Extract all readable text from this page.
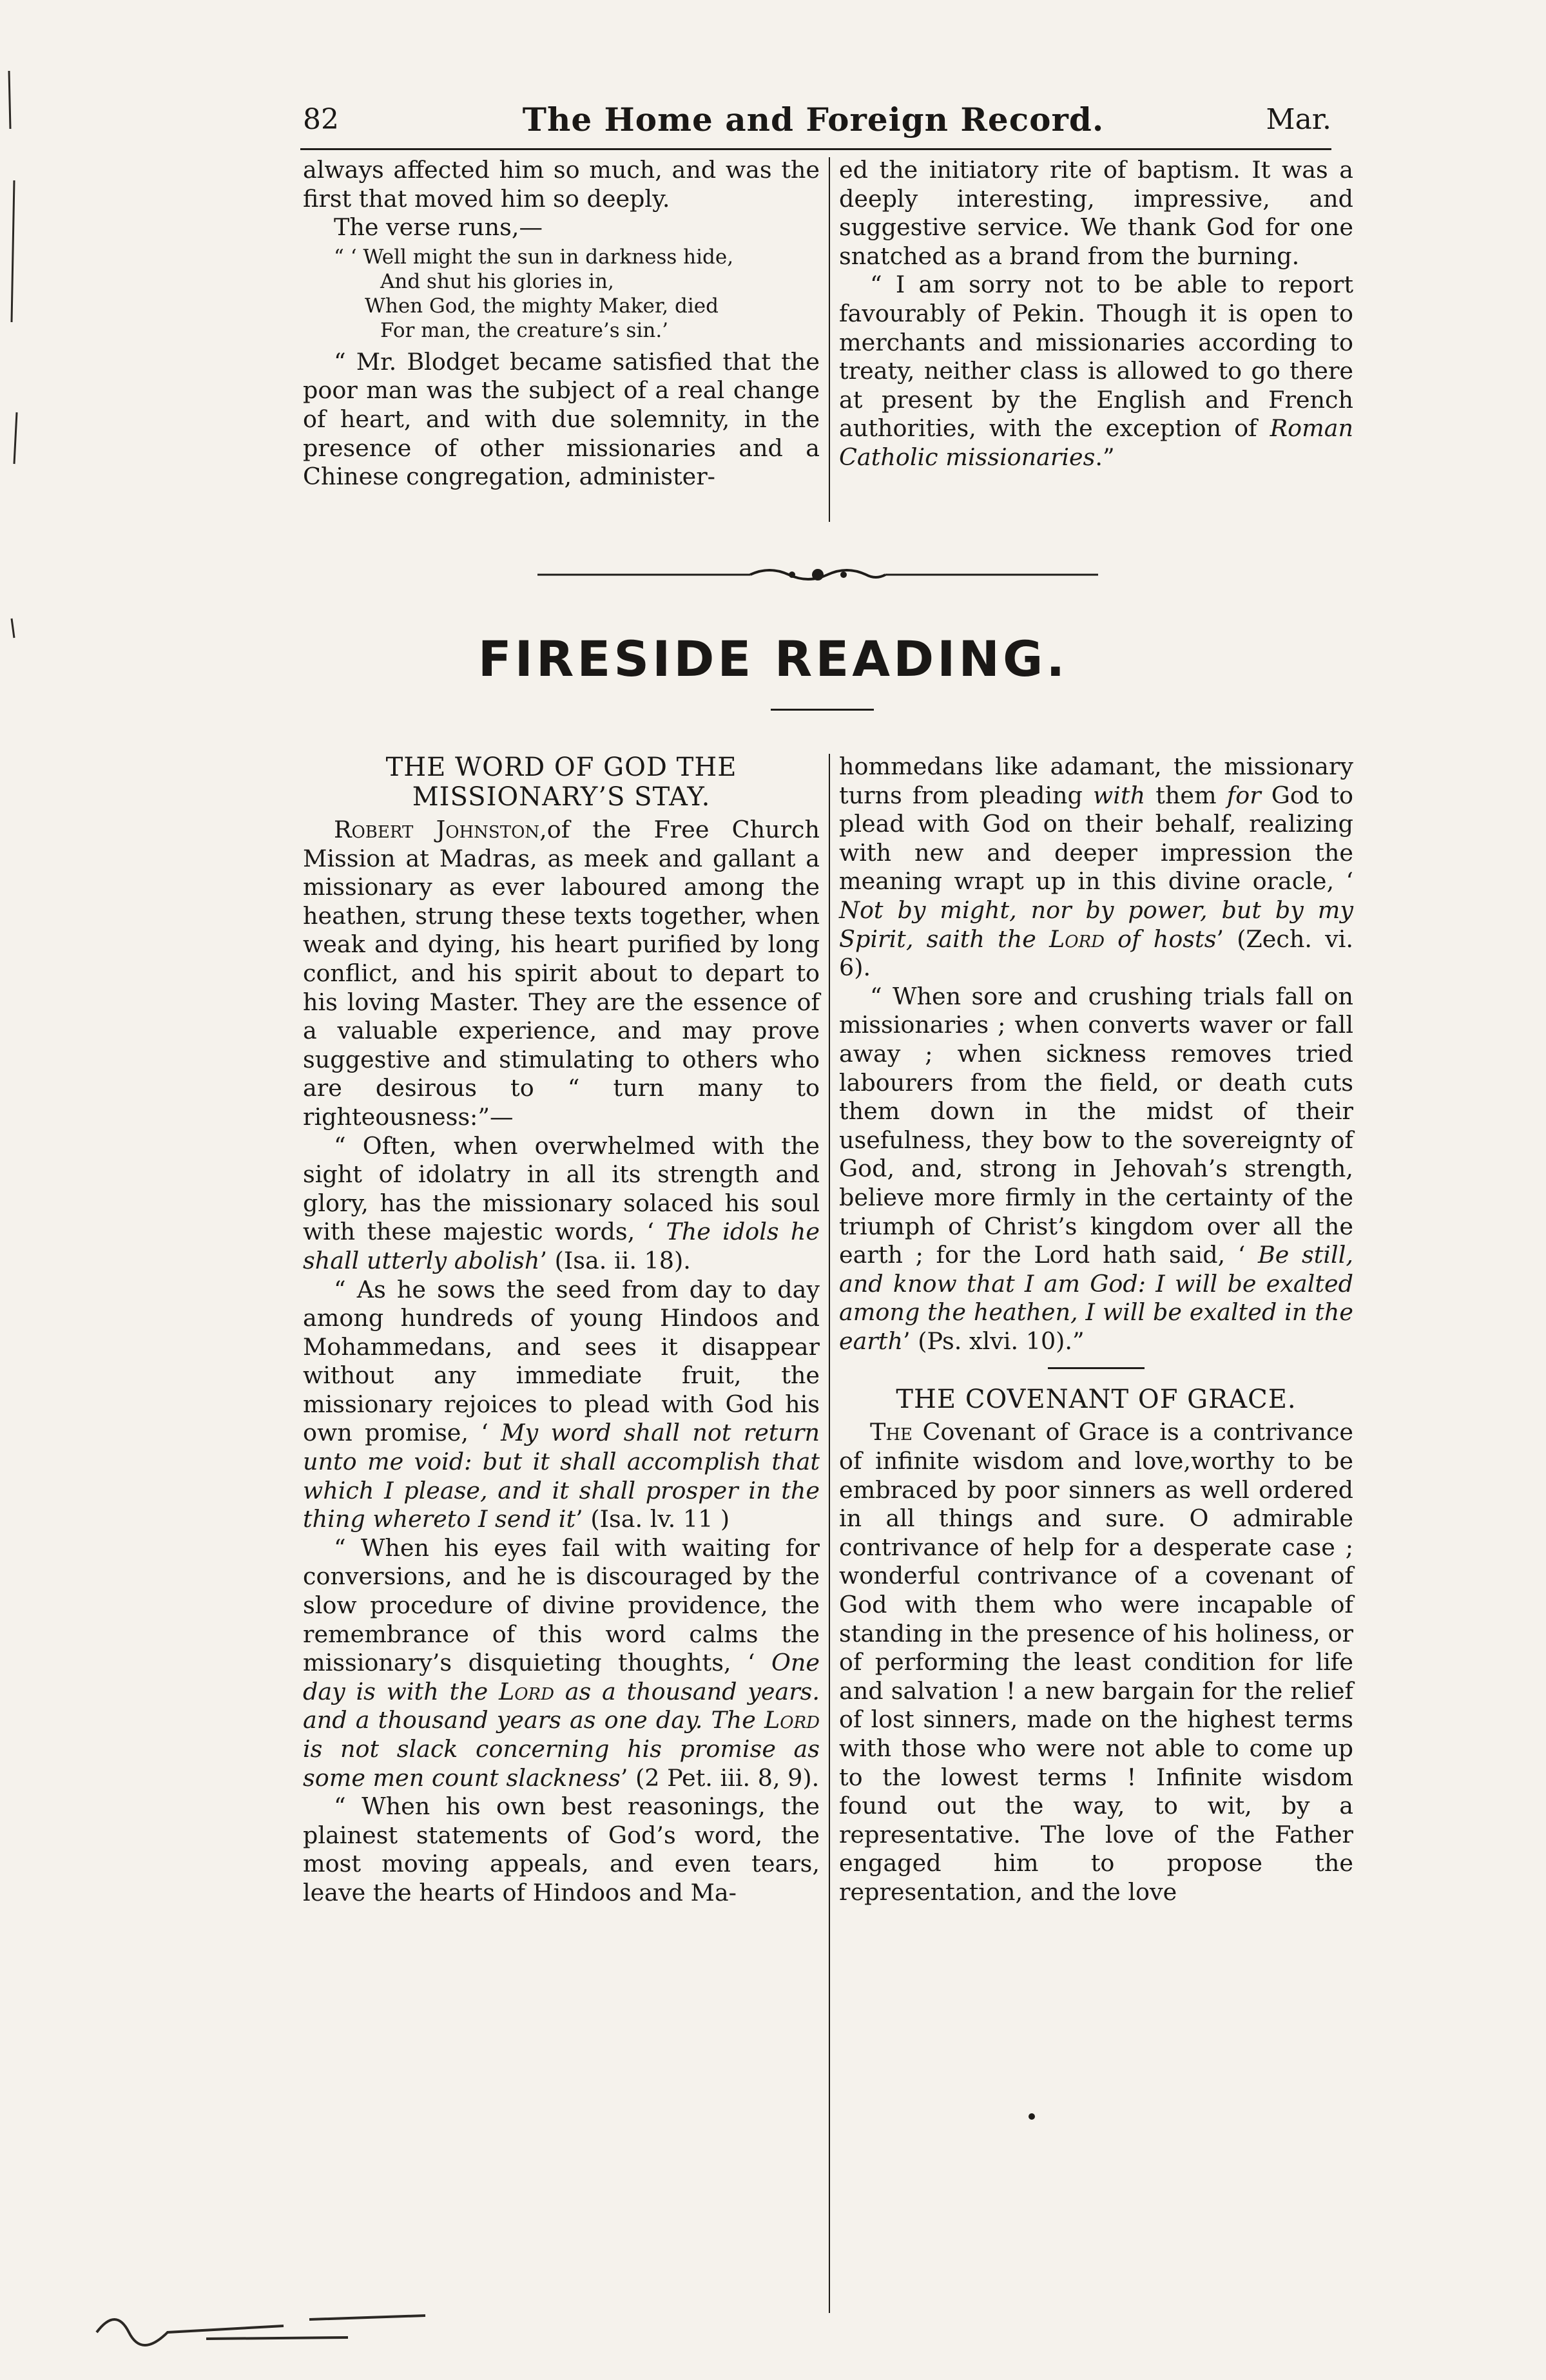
82	The Home and Foreign Record.	Mar.

always affected him so much, and was the first that moved him so deeply.

The verse runs,—

“ ‘ Well might the sun in darkness hide,
And shut his glories in,
When God, the mighty Maker, died
For man, the creature’s sin.’

“ Mr. Blodget became satisfied that the poor man was the subject of a real change of heart, and with due solemnity, in the presence of other missionaries and a Chinese congregation, administer-

ed the initiatory rite of baptism. It was a deeply interesting, impressive, and suggestive service. We thank God for one snatched as a brand from the burning.

“ I am sorry not to be able to report favourably of Pekin. Though it is open to merchants and missionaries according to treaty, neither class is allowed to go there at present by the English and French authorities, with the exception of Roman Catholic missionaries.”

FIRESIDE READING.
THE WORD OF GOD THE MISSIONARY’S STAY.

Robert Johnston,of the Free Church Mission at Madras, as meek and gallant a missionary as ever laboured among the heathen, strung these texts together, when weak and dying, his heart purified by long conflict, and his spirit about to depart to his loving Master. They are the essence of a valuable experience, and may prove suggestive and stimulating to others who are desirous to “ turn many to righteousness:”—

“ Often, when overwhelmed with the sight of idolatry in all its strength and glory, has the missionary solaced his soul with these majestic words, ‘ The idols he shall utterly abolish’ (Isa. ii. 18).

“ As he sows the seed from day to day among hundreds of young Hindoos and Mohammedans, and sees it disappear without any immediate fruit, the missionary rejoices to plead with God his own promise, ‘ My word shall not return unto me void: but it shall accomplish that which I please, and it shall prosper in the thing whereto I send it’ (Isa. lv. 11 )

“ When his eyes fail with waiting for conversions, and he is discouraged by the slow procedure of divine providence, the remembrance of this word calms the missionary’s disquieting thoughts, ‘ One day is with the Lord as a thousand years. and a thousand years as one day. The Lord is not slack concerning his promise as some men count slackness’ (2 Pet. iii. 8, 9).

“ When his own best reasonings, the plainest statements of God’s word, the most moving appeals, and even tears, leave the hearts of Hindoos and Ma-

hommedans like adamant, the missionary turns from pleading with them for God to plead with God on their behalf, realizing with new and deeper impression the meaning wrapt up in this divine oracle, ‘ Not by might, nor by power, but by my Spirit, saith the Lord of hosts’ (Zech. vi. 6).

“ When sore and crushing trials fall on missionaries ; when converts waver or fall away ; when sickness removes tried labourers from the field, or death cuts them down in the midst of their usefulness, they bow to the sovereignty of God, and, strong in Jehovah’s strength, believe more firmly in the certainty of the triumph of Christ’s kingdom over all the earth ; for the Lord hath said, ‘ Be still, and know that I am God: I will be exalted among the heathen, I will be exalted in the earth’ (Ps. xlvi. 10).”

THE COVENANT OF GRACE.

The Covenant of Grace is a contrivance of infinite wisdom and love,worthy to be embraced by poor sinners as well ordered in all things and sure. O admirable contrivance of help for a desperate case ; wonderful contrivance of a covenant of God with them who were incapable of standing in the presence of his holiness, or of performing the least condition for life and salvation ! a new bargain for the relief of lost sinners, made on the highest terms with those who were not able to come up to the lowest terms ! Infinite wisdom found out the way, to wit, by a representative. The love of the Father engaged him to propose the representation, and the love
